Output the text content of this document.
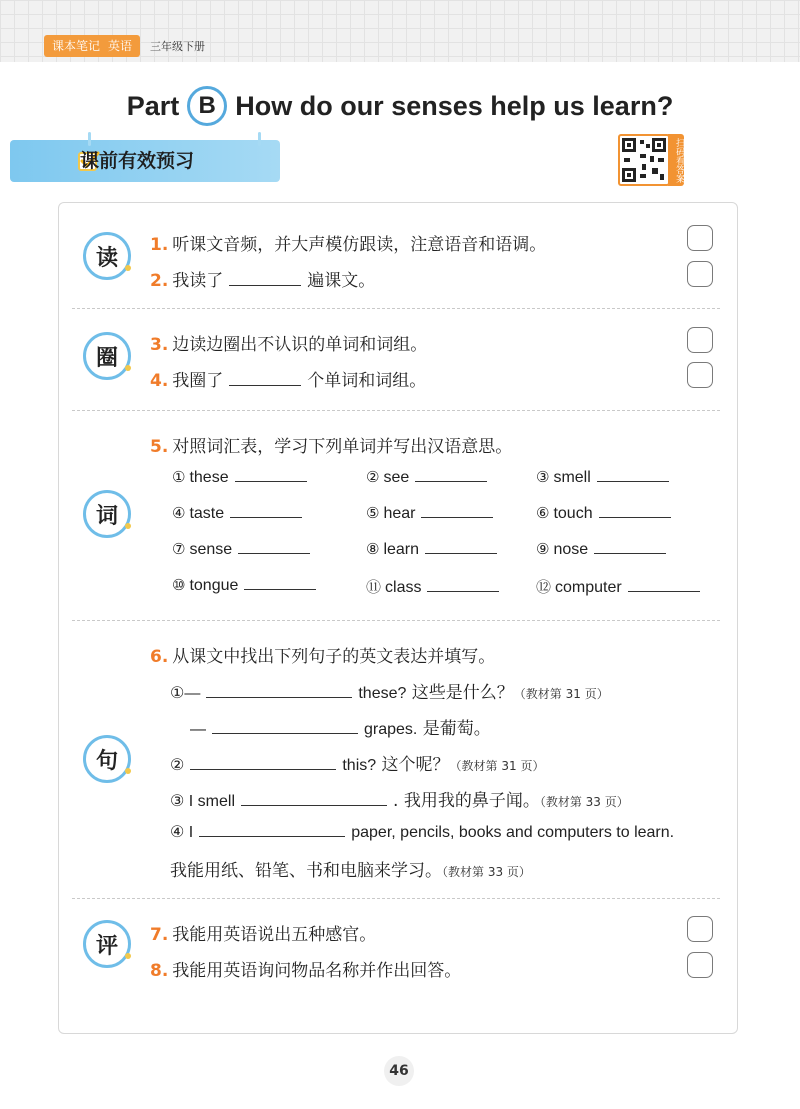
课本笔记 英语 三年级下册
Part B How do our senses help us learn?
课前有效预习	扫码看答案
读
1. 听课文音频，并大声模仿跟读，注意语音和语调。
2. 我读了	遍课文。
圈
3. 边读边圈出不认识的单词和词组。
4. 我圈了	个单词和词组。
5. 对照词汇表，学习下列单词并写出汉语意思。
词
① these	② see	③ smell
④ taste	⑤ hear	⑥ touch
⑦ sense	⑧ learn	⑨ nose
⑩ tongue	⑪ class	⑫ computer
6. 从课文中找出下列句子的英文表达并填写。
句
①—	these? 这些是什么？（教材第 31 页）
—	grapes. 是葡萄。
②	this? 这个呢？（教材第 31 页）
③ I smell	. 我用我的鼻子闻。（教材第 33 页）
④ I	paper, pencils, books and computers to learn.
我能用纸、铅笔、书和电脑来学习。（教材第 33 页）
评	7. 我能用英语说出五种感官。
8. 我能用英语询问物品名称并作出回答。
46
